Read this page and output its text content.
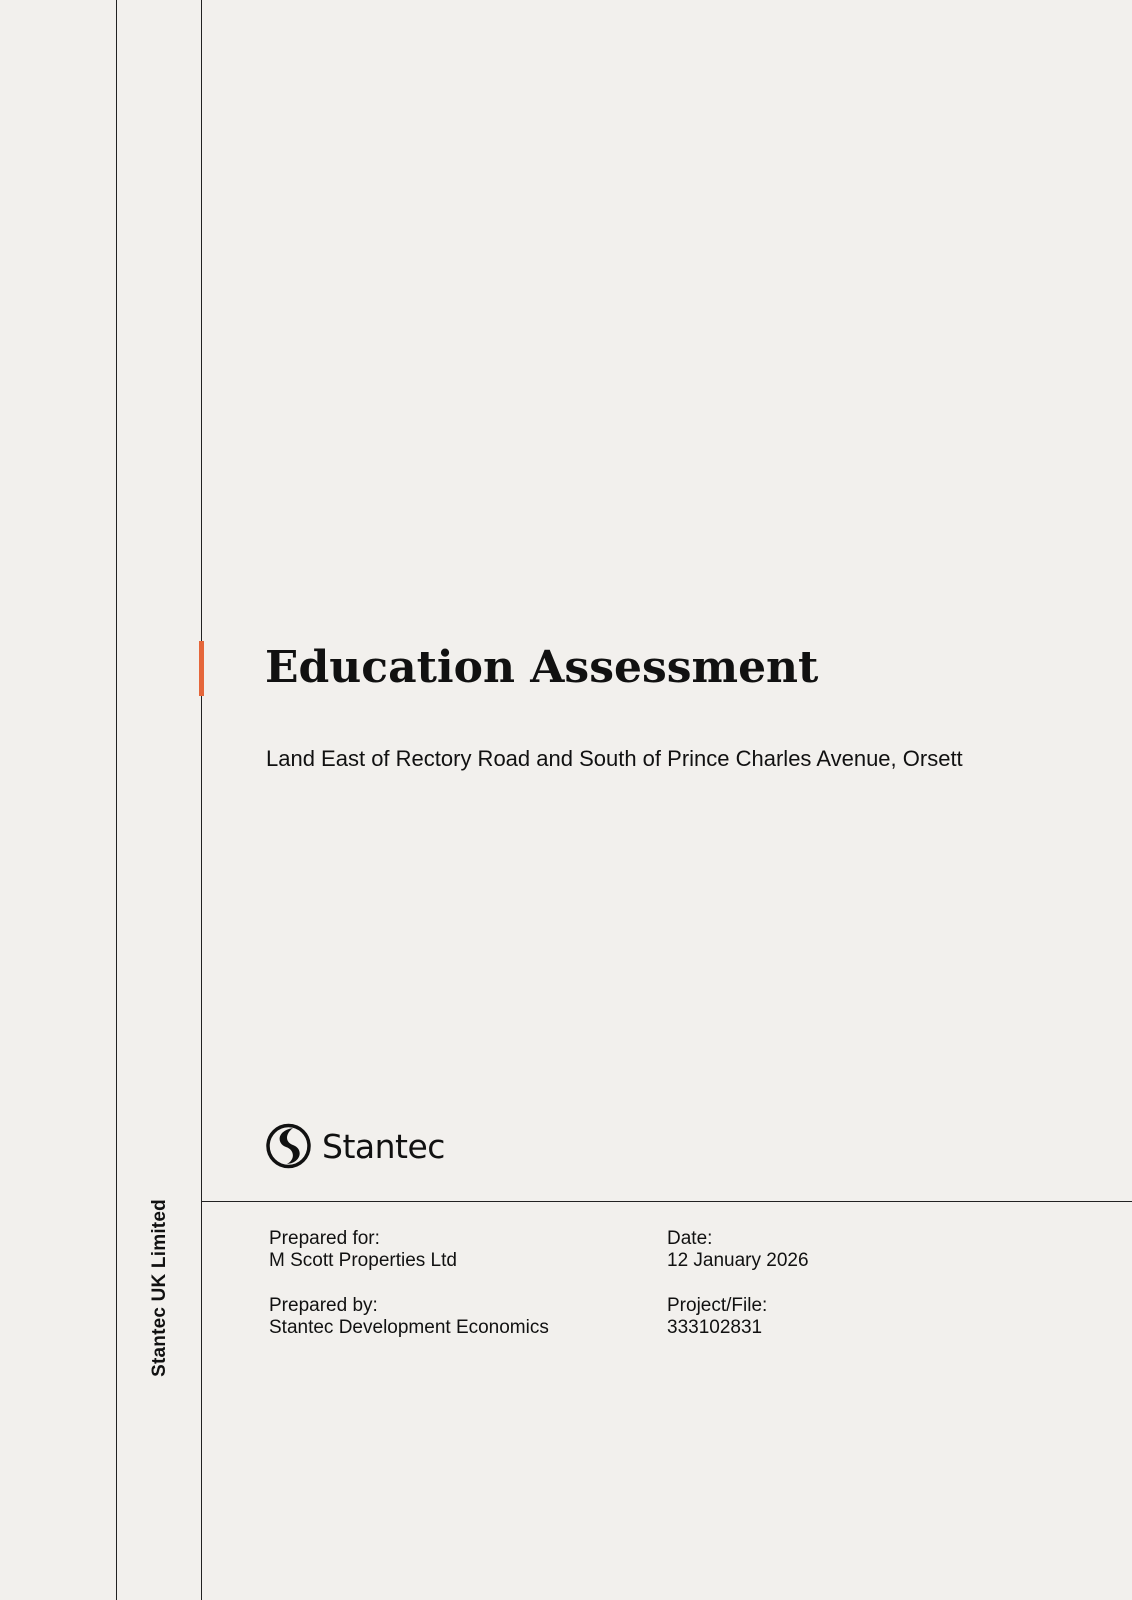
Stantec UK Limited
Education Assessment

Land East of Rectory Road and South of Prince Charles Avenue, Orsett

Stantec
Prepared for:
M Scott Properties Ltd
Prepared by:
Stantec Development Economics
Date:
12 January 2026
Project/File:
333102831
